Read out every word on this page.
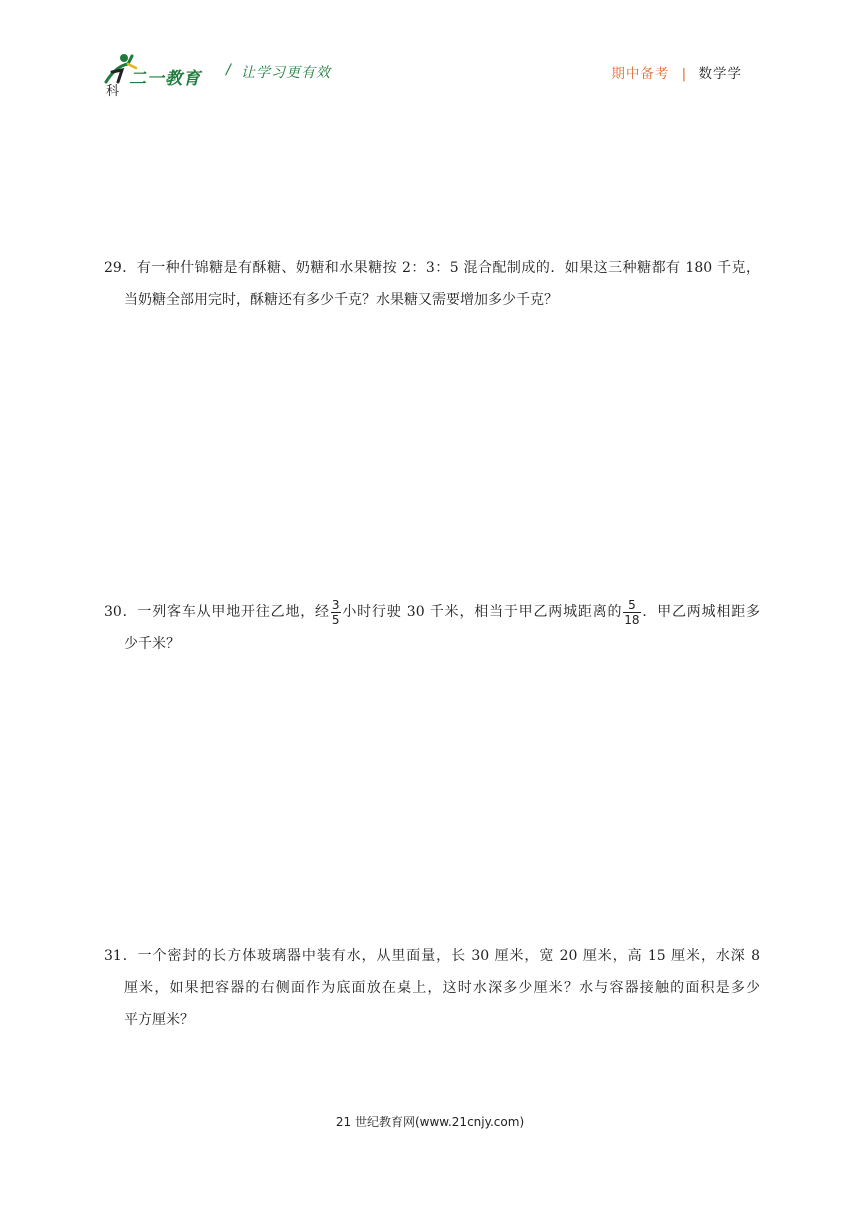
二一教育
科
/ 让学习更有效	期中备考 | 数学学
29．有一种什锦糖是有酥糖、奶糖和水果糖按 2：3：5 混合配制成的．如果这三种糖都有 180 千克，
当奶糖全部用完时，酥糖还有多少千克？水果糖又需要增加多少千克？
30．一列客车从甲地开往乙地，经 $\frac{3}{5}$ 小时行驶 30 千米，相当于甲乙两城距离的 $\frac{5}{18}$ ．甲乙两城相距多
少千米？
31．一个密封的长方体玻璃器中装有水，从里面量，长 30 厘米，宽 20 厘米，高 15 厘米，水深 8
厘米，如果把容器的右侧面作为底面放在桌上，这时水深多少厘米？水与容器接触的面积是多少
平方厘米？
21 世纪教育网(www.21cnjy.com)
